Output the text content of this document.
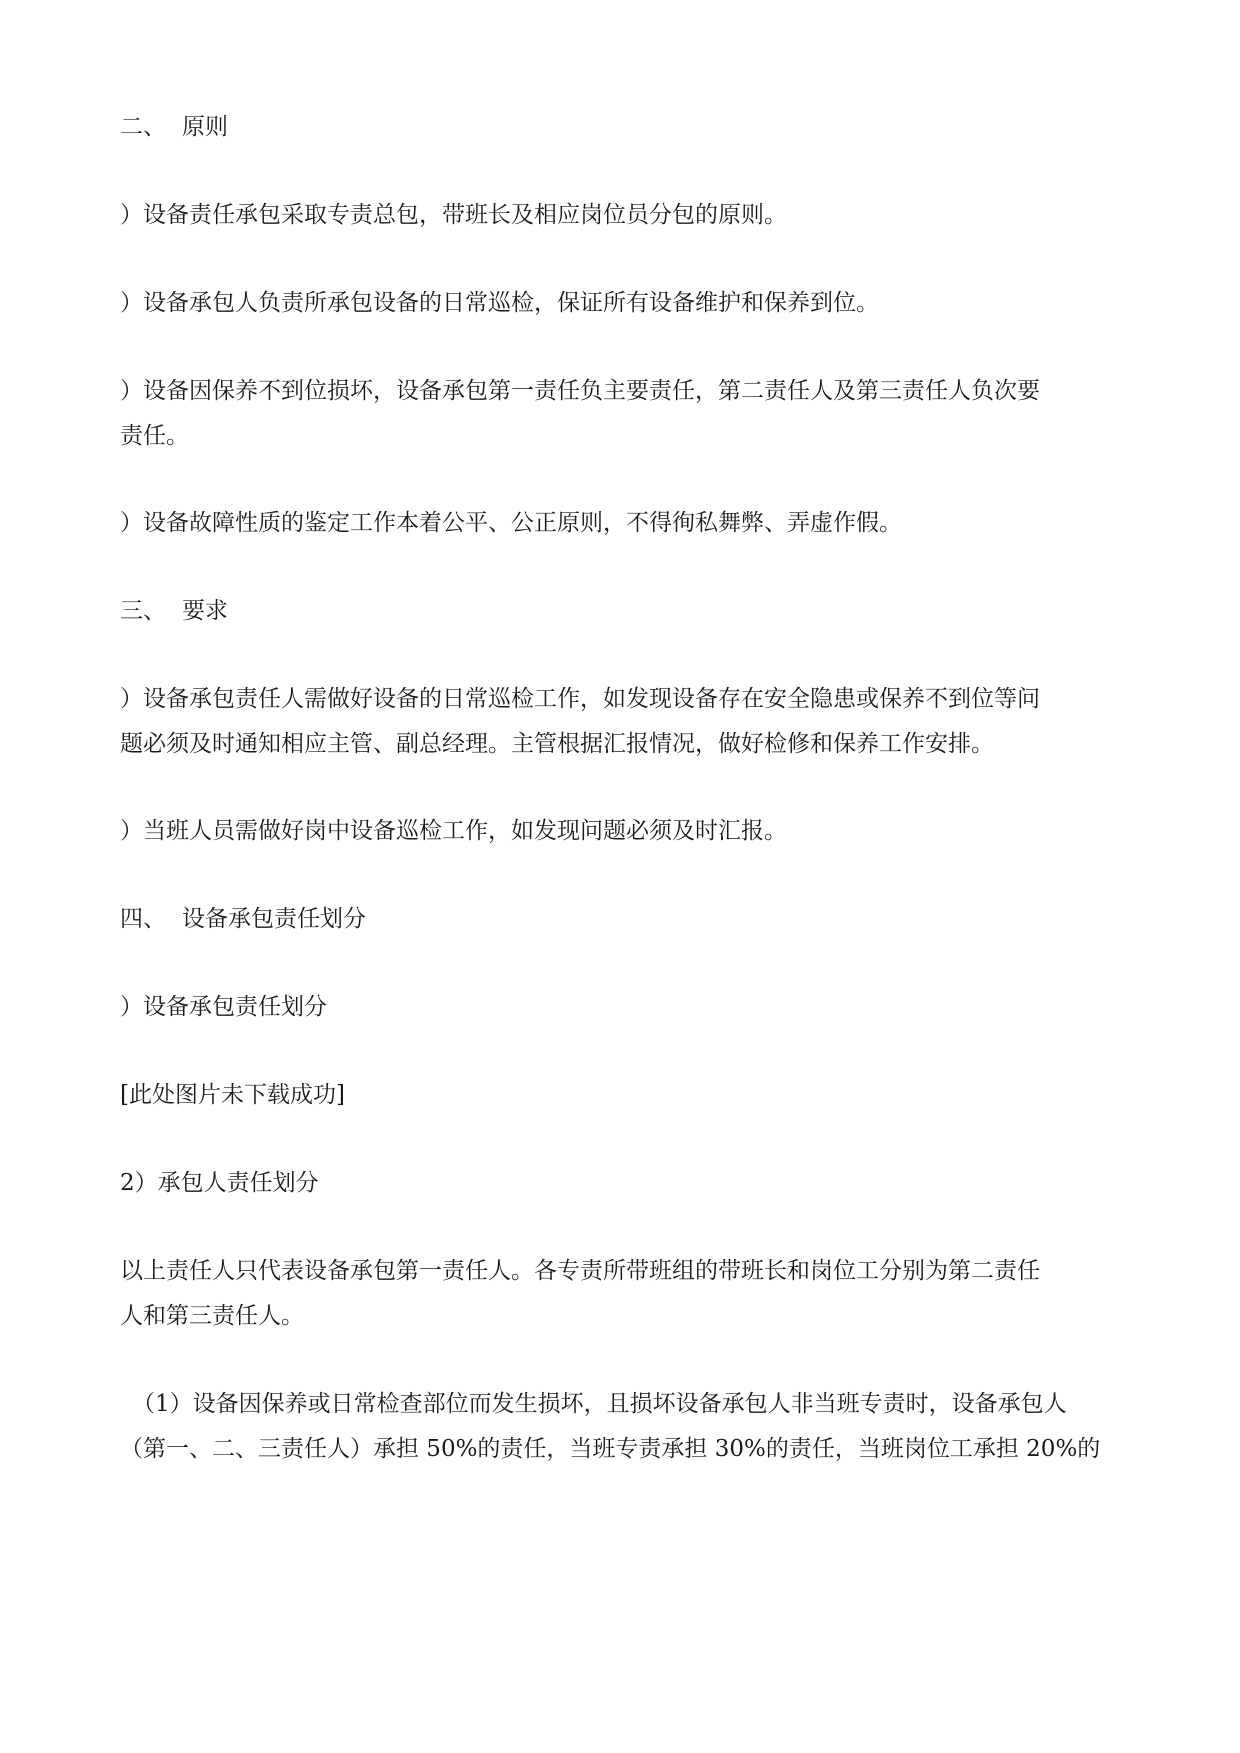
二、 原则
）设备责任承包采取专责总包，带班长及相应岗位员分包的原则。
）设备承包人负责所承包设备的日常巡检，保证所有设备维护和保养到位。
）设备因保养不到位损坏，设备承包第一责任负主要责任，第二责任人及第三责任人负次要
责任。
）设备故障性质的鉴定工作本着公平、公正原则，不得徇私舞弊、弄虚作假。
三、 要求
）设备承包责任人需做好设备的日常巡检工作，如发现设备存在安全隐患或保养不到位等问
题必须及时通知相应主管、副总经理。主管根据汇报情况，做好检修和保养工作安排。
）当班人员需做好岗中设备巡检工作，如发现问题必须及时汇报。
四、 设备承包责任划分
）设备承包责任划分
[此处图片未下载成功]
2）承包人责任划分
以上责任人只代表设备承包第一责任人。各专责所带班组的带班长和岗位工分别为第二责任
人和第三责任人。
（1）设备因保养或日常检查部位而发生损坏，且损坏设备承包人非当班专责时，设备承包人
（第一、二、三责任人）承担 50%的责任，当班专责承担 30%的责任，当班岗位工承担 20%的
